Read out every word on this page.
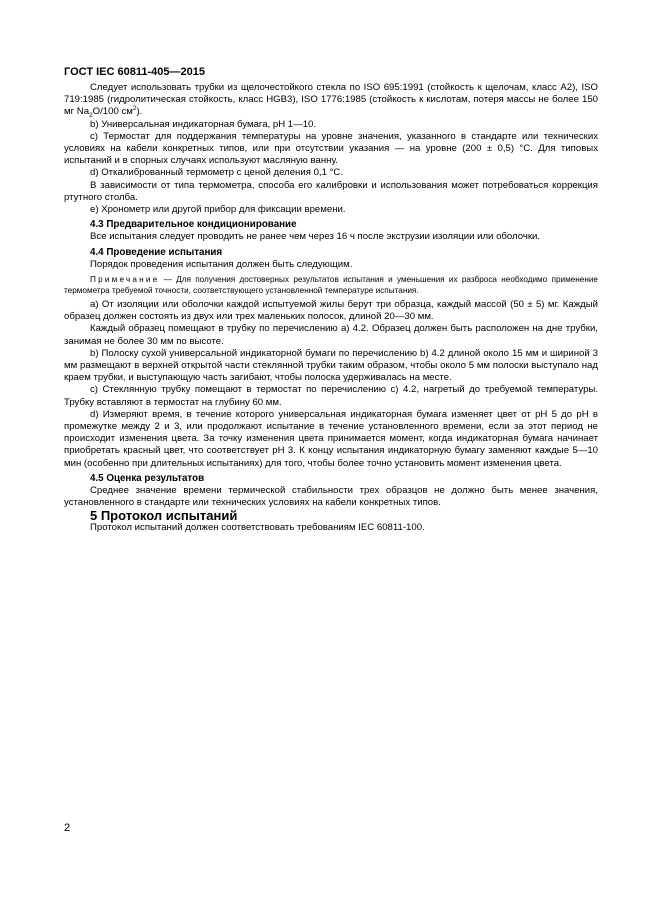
ГОСТ IEC 60811-405—2015

Следует использовать трубки из щелочестойкого стекла по ISO 695:1991 (стойкость к щелочам, класс А2), ISO 719:1985 (гидролитическая стойкость, класс HGB3), ISO 1776:1985 (стойкость к кислотам, потеря массы не более 150 мг $Na_2O/100$ $см^2$).

b) Универсальная индикаторная бумага, pH 1—10.

c) Термостат для поддержания температуры на уровне значения, указанного в стандарте или технических условиях на кабели конкретных типов, или при отсутствии указания — на уровне (200 ± 0,5) °С. Для типовых испытаний и в спорных случаях используют масляную ванну.

d) Откалиброванный термометр с ценой деления 0,1 °С.

В зависимости от типа термометра, способа его калибровки и использования может потребоваться коррекция ртутного столба.

e) Хронометр или другой прибор для фиксации времени.

4.3 Предварительное кондиционирование

Все испытания следует проводить не ранее чем через 16 ч после экструзии изоляции или оболочки.

4.4 Проведение испытания

Порядок проведения испытания должен быть следующим.

Примечание — Для получения достоверных результатов испытания и уменьшения их разброса необходимо применение термометра требуемой точности, соответствующего установленной температуре испытания.

a) От изоляции или оболочки каждой испытуемой жилы берут три образца, каждый массой (50 ± 5) мг. Каждый образец должен состоять из двух или трех маленьких полосок, длиной 20—30 мм.

Каждый образец помещают в трубку по перечислению a) 4.2. Образец должен быть расположен на дне трубки, занимая не более 30 мм по высоте.

b) Полоску сухой универсальной индикаторной бумаги по перечислению b) 4.2 длиной около 15 мм и шириной 3 мм размещают в верхней открытой части стеклянной трубки таким образом, чтобы около 5 мм полоски выступало над краем трубки, и выступающую часть загибают, чтобы полоска удерживалась на месте.

c) Стеклянную трубку помещают в термостат по перечислению c) 4.2, нагретый до требуемой температуры. Трубку вставляют в термостат на глубину 60 мм.

d) Измеряют время, в течение которого универсальная индикаторная бумага изменяет цвет от pH 5 до pH в промежутке между 2 и 3, или продолжают испытание в течение установленного времени, если за этот период не происходит изменения цвета. За точку изменения цвета принимается момент, когда индикаторная бумага начинает приобретать красный цвет, что соответствует pH 3. К концу испытания индикаторную бумагу заменяют каждые 5—10 мин (особенно при длительных испытаниях) для того, чтобы более точно установить момент изменения цвета.

4.5 Оценка результатов

Среднее значение времени термической стабильности трех образцов не должно быть менее значения, установленного в стандарте или технических условиях на кабели конкретных типов.

5 Протокол испытаний

Протокол испытаний должен соответствовать требованиям IEC 60811-100.

2
